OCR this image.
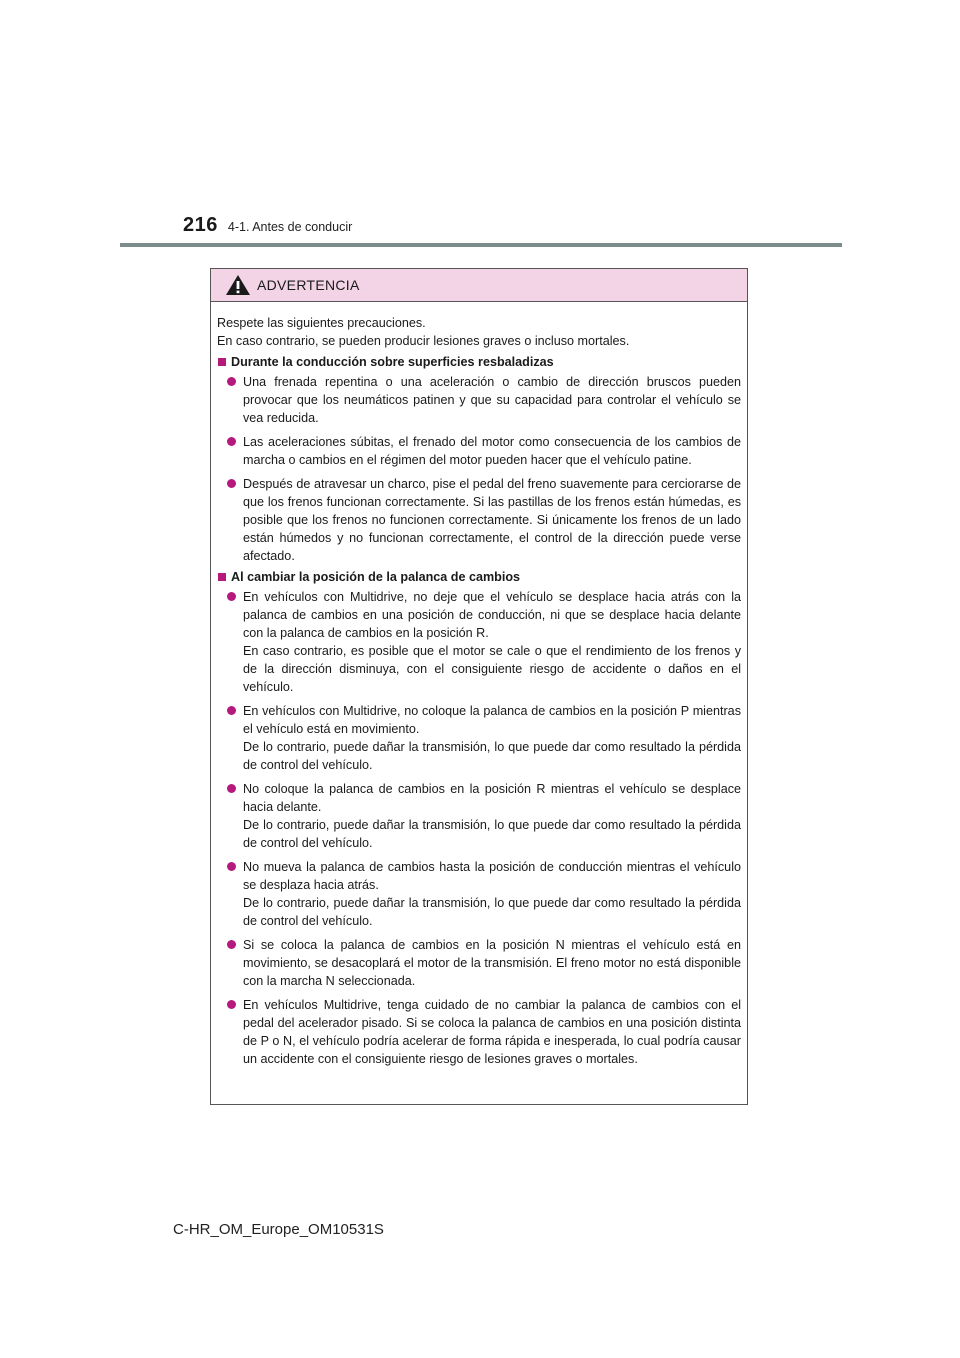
216 4-1. Antes de conducir
ADVERTENCIA

Respete las siguientes precauciones.

En caso contrario, se pueden producir lesiones graves o incluso mortales.

Durante la conducción sobre superficies resbaladizas

Una frenada repentina o una aceleración o cambio de dirección bruscos pueden provocar que los neumáticos patinen y que su capacidad para controlar el vehículo se vea reducida.

Las aceleraciones súbitas, el frenado del motor como consecuencia de los cambios de marcha o cambios en el régimen del motor pueden hacer que el vehículo patine.

Después de atravesar un charco, pise el pedal del freno suavemente para cerciorarse de que los frenos funcionan correctamente. Si las pastillas de los frenos están húmedas, es posible que los frenos no funcionen correctamente. Si únicamente los frenos de un lado están húmedos y no funcionan correctamente, el control de la dirección puede verse afectado.

Al cambiar la posición de la palanca de cambios

En vehículos con Multidrive, no deje que el vehículo se desplace hacia atrás con la palanca de cambios en una posición de conducción, ni que se desplace hacia delante con la palanca de cambios en la posición R.

En caso contrario, es posible que el motor se cale o que el rendimiento de los frenos y de la dirección disminuya, con el consiguiente riesgo de accidente o daños en el vehículo.

En vehículos con Multidrive, no coloque la palanca de cambios en la posición P mientras el vehículo está en movimiento.

De lo contrario, puede dañar la transmisión, lo que puede dar como resultado la pérdida de control del vehículo.

No coloque la palanca de cambios en la posición R mientras el vehículo se desplace hacia delante.

De lo contrario, puede dañar la transmisión, lo que puede dar como resultado la pérdida de control del vehículo.

No mueva la palanca de cambios hasta la posición de conducción mientras el vehículo se desplaza hacia atrás.

De lo contrario, puede dañar la transmisión, lo que puede dar como resultado la pérdida de control del vehículo.

Si se coloca la palanca de cambios en la posición N mientras el vehículo está en movimiento, se desacoplará el motor de la transmisión. El freno motor no está disponible con la marcha N seleccionada.

En vehículos Multidrive, tenga cuidado de no cambiar la palanca de cambios con el pedal del acelerador pisado. Si se coloca la palanca de cambios en una posición distinta de P o N, el vehículo podría acelerar de forma rápida e inesperada, lo cual podría causar un accidente con el consiguiente riesgo de lesiones graves o mortales.

C-HR_OM_Europe_OM10531S
